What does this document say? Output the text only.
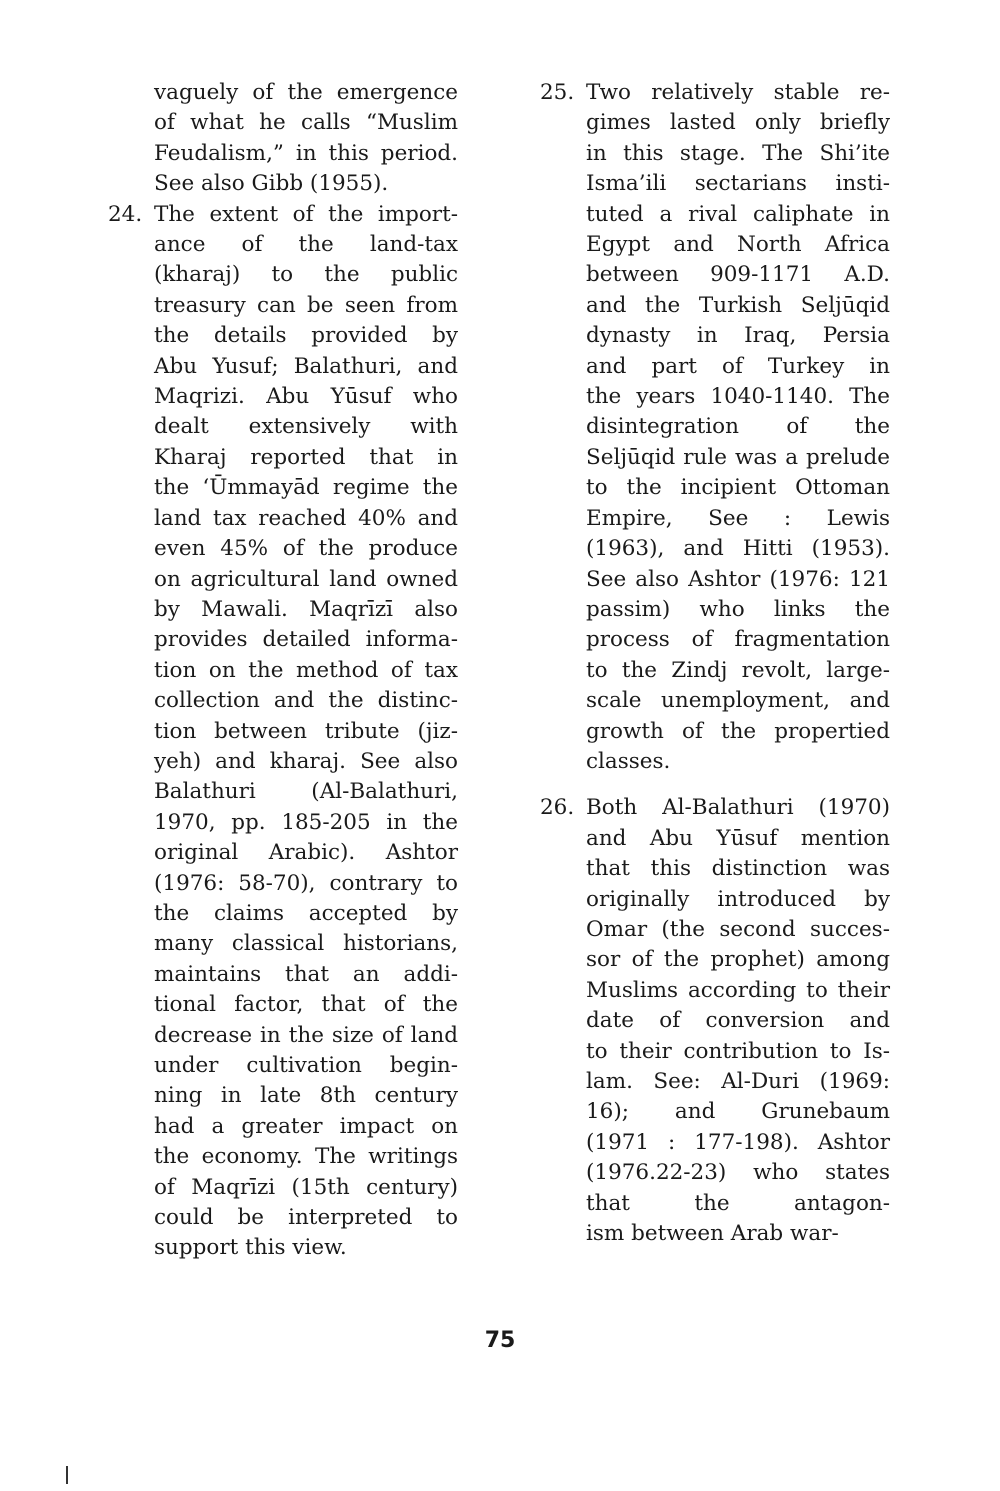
vaguely of the emergence
of what he calls “Muslim
Feudalism,” in this period.
See also Gibb (1955).
24. The extent of the import-
ance of the land-tax
(kharaj) to the public
treasury can be seen from
the details provided by
Abu Yusuf; Balathuri, and
Maqrizi. Abu Yūsuf who
dealt extensively with
Kharaj reported that in
the ‘Ūmmayād regime the
land tax reached 40% and
even 45% of the produce
on agricultural land owned
by Mawali. Maqrīzī also
provides detailed informa-
tion on the method of tax
collection and the distinc-
tion between tribute (jiz-
yeh) and kharaj. See also
Balathuri (Al-Balathuri,
1970, pp. 185-205 in the
original Arabic). Ashtor
(1976: 58-70), contrary to
the claims accepted by
many classical historians,
maintains that an addi-
tional factor, that of the
decrease in the size of land
under cultivation begin-
ning in late 8th century
had a greater impact on
the economy. The writings
of Maqrīzi (15th century)
could be interpreted to
support this view.
25. Two relatively stable re-
gimes lasted only briefly
in this stage. The Shi’ite
Isma’ili sectarians insti-
tuted a rival caliphate in
Egypt and North Africa
between 909-1171 A.D.
and the Turkish Seljūqid
dynasty in Iraq, Persia
and part of Turkey in
the years 1040-1140. The
disintegration of the
Seljūqid rule was a prelude
to the incipient Ottoman
Empire, See : Lewis
(1963), and Hitti (1953).
See also Ashtor (1976: 121
passim) who links the
process of fragmentation
to the Zindj revolt, large-
scale unemployment, and
growth of the propertied
classes.
26. Both Al-Balathuri (1970)
and Abu Yūsuf mention
that this distinction was
originally introduced by
Omar (the second succes-
sor of the prophet) among
Muslims according to their
date of conversion and
to their contribution to Is-
lam. See: Al-Duri (1969:
16); and Grunebaum
(1971 : 177-198). Ashtor
(1976.22-23) who states
that the antagon-
ism between Arab war-
75
